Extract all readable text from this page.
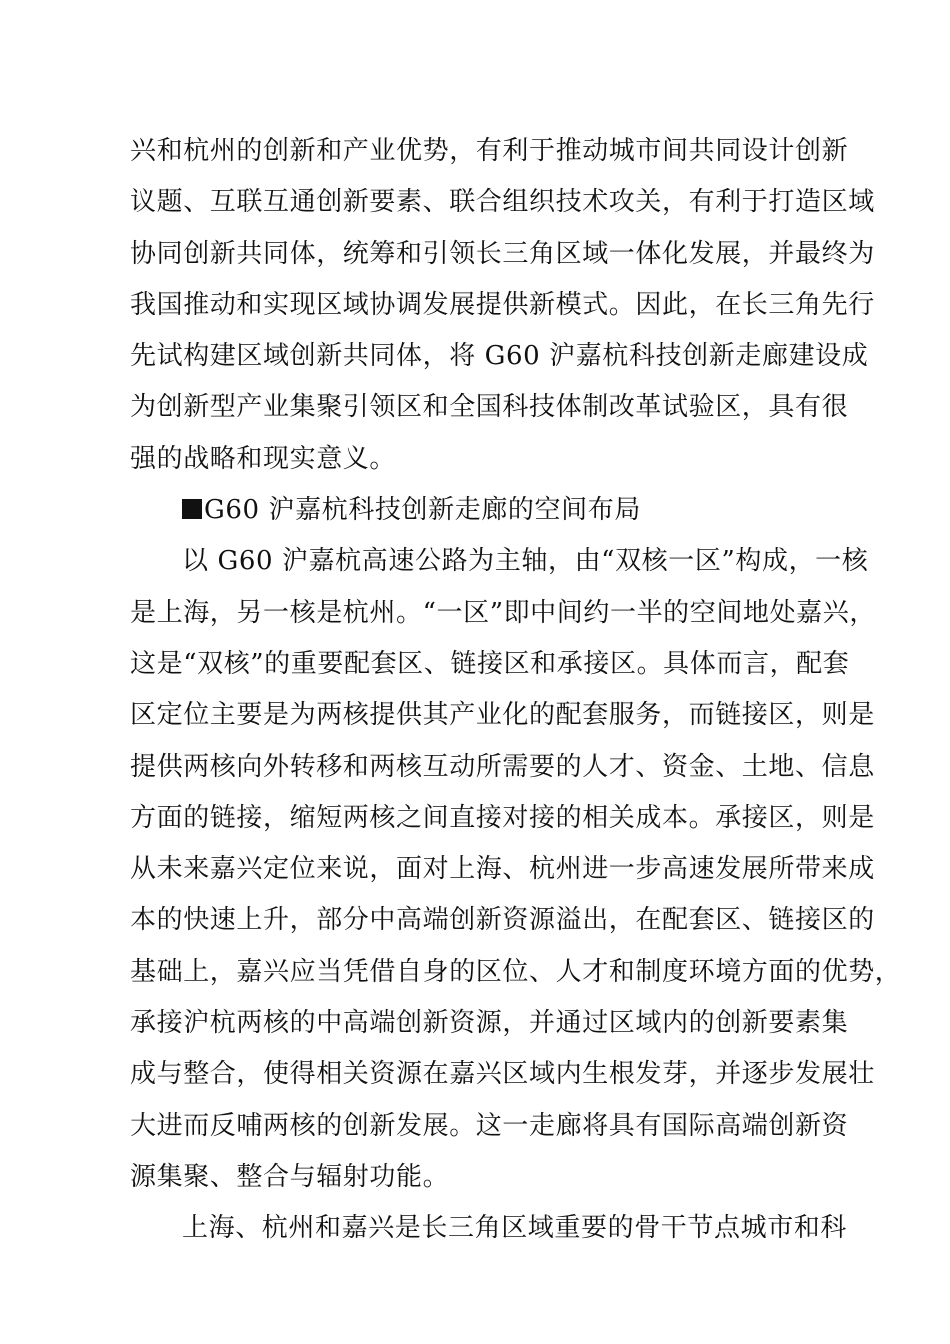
兴和杭州的创新和产业优势，有利于推动城市间共同设计创新
议题、互联互通创新要素、联合组织技术攻关，有利于打造区域
协同创新共同体，统筹和引领长三角区域一体化发展，并最终为
我国推动和实现区域协调发展提供新模式。因此，在长三角先行
先试构建区域创新共同体，将 G60 沪嘉杭科技创新走廊建设成
为创新型产业集聚引领区和全国科技体制改革试验区，具有很
强的战略和现实意义。
G60 沪嘉杭科技创新走廊的空间布局
以 G60 沪嘉杭高速公路为主轴，由“双核一区”构成，一核
是上海，另一核是杭州。“一区”即中间约一半的空间地处嘉兴，
这是“双核”的重要配套区、链接区和承接区。具体而言，配套
区定位主要是为两核提供其产业化的配套服务，而链接区，则是
提供两核向外转移和两核互动所需要的人才、资金、土地、信息
方面的链接，缩短两核之间直接对接的相关成本。承接区，则是
从未来嘉兴定位来说，面对上海、杭州进一步高速发展所带来成
本的快速上升，部分中高端创新资源溢出，在配套区、链接区的
基础上，嘉兴应当凭借自身的区位、人才和制度环境方面的优势，
承接沪杭两核的中高端创新资源，并通过区域内的创新要素集
成与整合，使得相关资源在嘉兴区域内生根发芽，并逐步发展壮
大进而反哺两核的创新发展。这一走廊将具有国际高端创新资
源集聚、整合与辐射功能。
上海、杭州和嘉兴是长三角区域重要的骨干节点城市和科
